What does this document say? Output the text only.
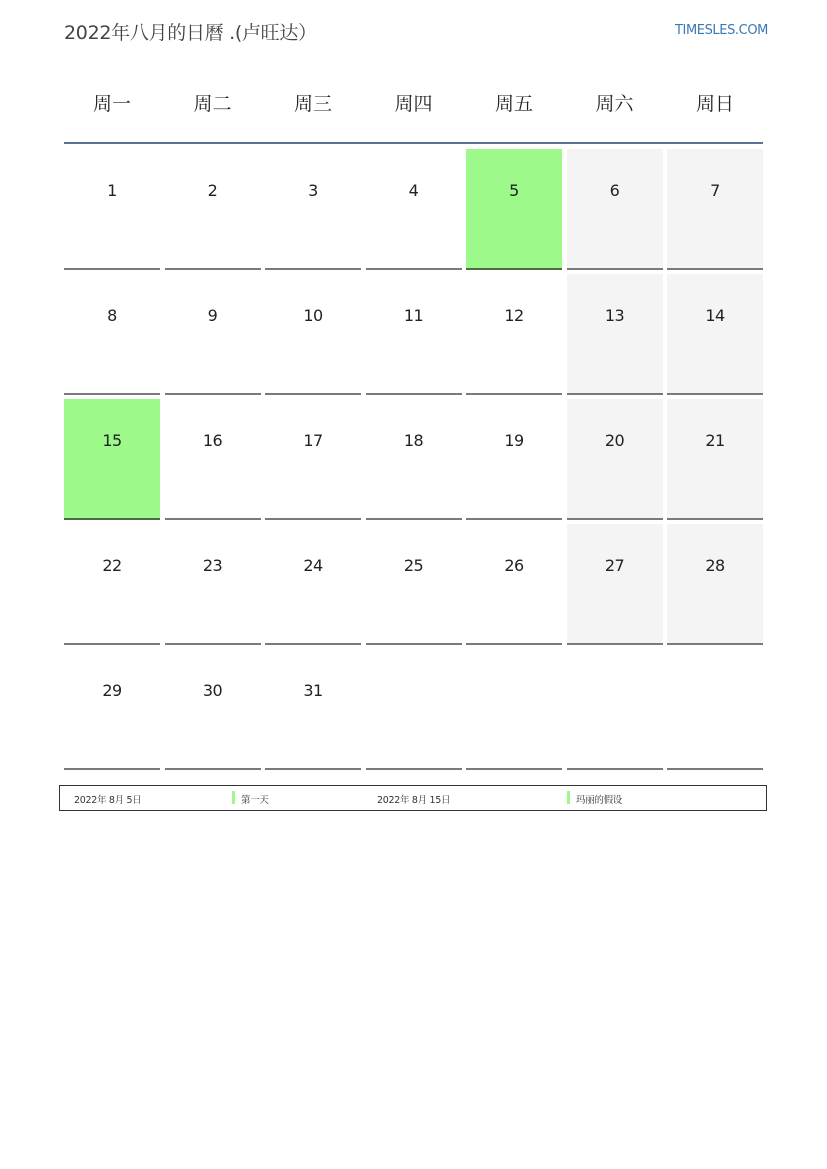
2022年八月的日曆 .(卢旺达）	TIMESLES.COM
周一	周二	周三	周四	周五	周六	周日
1	2	3	4	5	6	7
8	9	10	11	12	13	14
15	16	17	18	19	20	21
22	23	24	25	26	27	28
29	30	31
2022年 8月 5日	第一天	2022年 8月 15日	玛丽的假设
